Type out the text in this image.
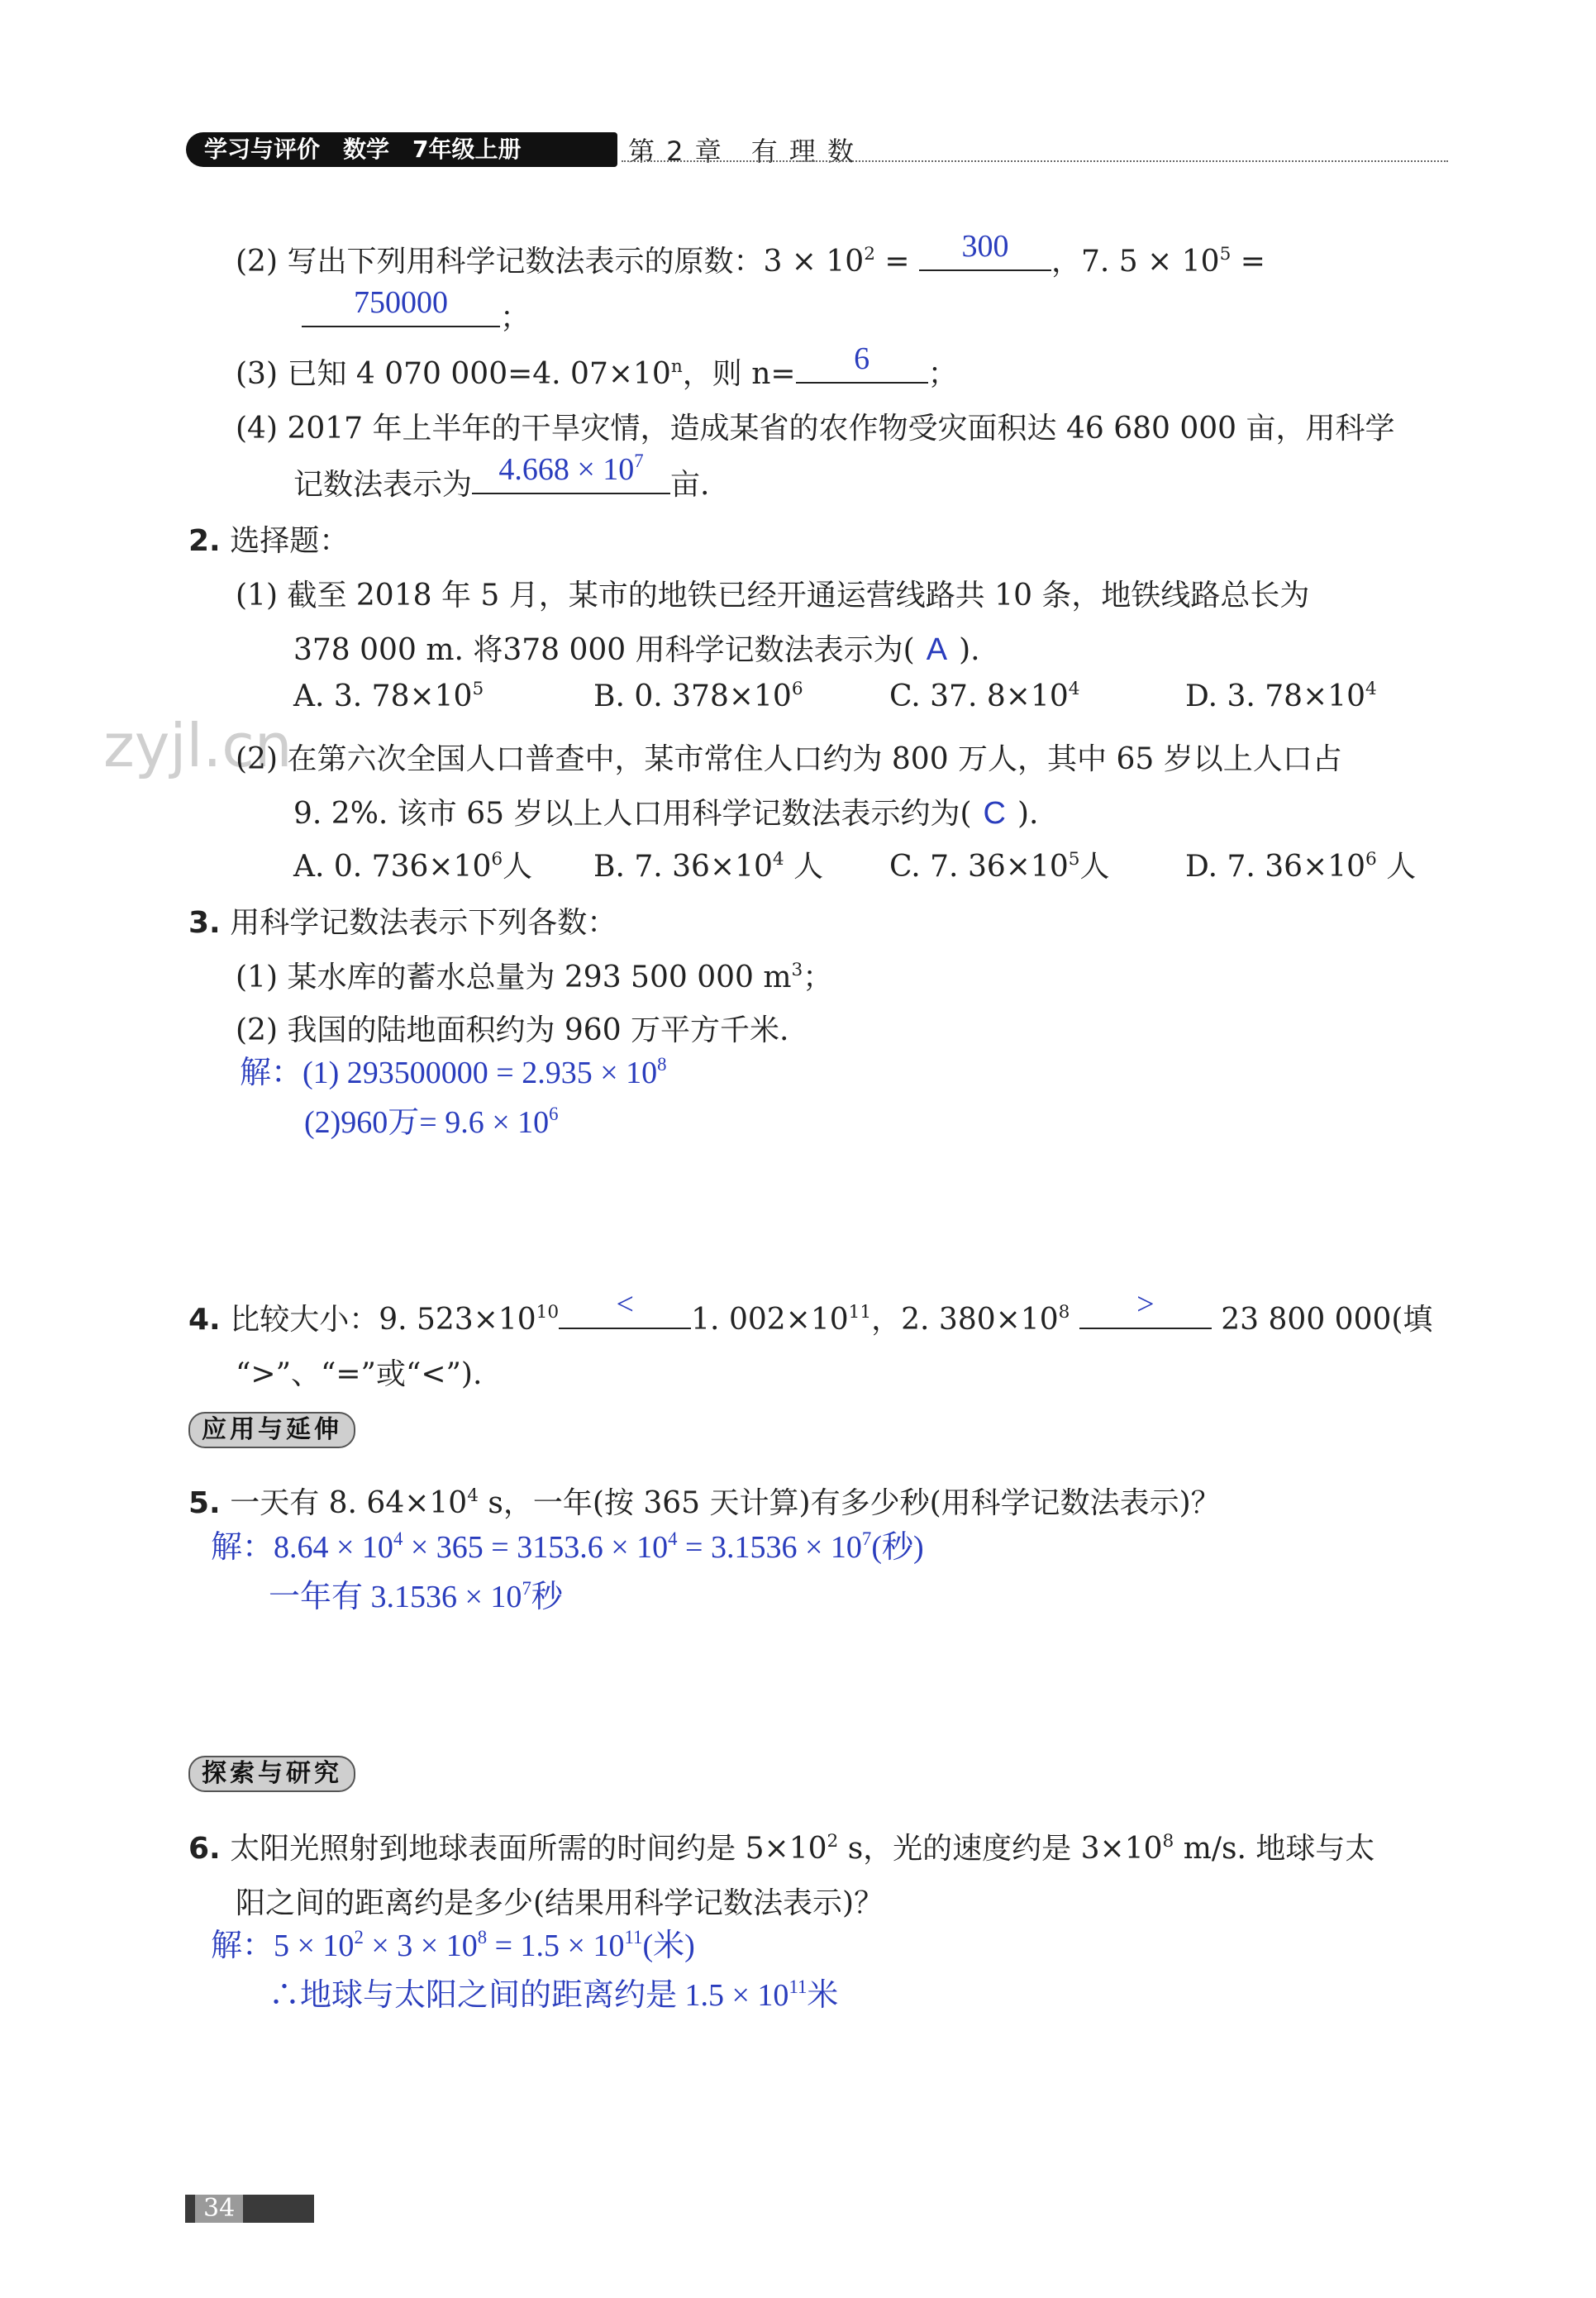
学习与评价　数学　7年级上册	第 2 章　有 理 数
zyjl.cn
(2) 写出下列用科学记数法表示的原数：$3 \times 10^2$ =	300	，7. $5 \times 10^5$ =
750000	；
(3) 已知 4 070 000=4. $07\times 10^n$，则 n=	6	；
(4) 2017 年上半年的干旱灾情，造成某省的农作物受灾面积达 46 680 000 亩，用科学
记数法表示为 $4.668 \times 10^7$
亩.
2. 选择题：
(1) 截至 2018 年 5 月，某市的地铁已经开通运营线路共 10 条，地铁线路总长为
378 000 m. 将378 000 用科学记数法表示为( A ).
A. 3. $78\times 10^5$	B. 0. $378\times 10^6$	C. 37. $8\times 10^4$	D. 3. $78\times 10^4$
(2) 在第六次全国人口普查中，某市常住人口约为 800 万人，其中 65 岁以上人口占
9. 2%. 该市 65 岁以上人口用科学记数法表示约为( C ).
A. 0. $736\times 10^6$人 B. 7. $36\times 10^4$ 人 C. 7. $36\times 10^5$人	D. 7. $36\times 10^6$ 人
3. 用科学记数法表示下列各数：
(1) 某水库的蓄水总量为 293 500 000 $m^3$；
(2) 我国的陆地面积约为 960 万平方千米.
解：(1) $293500000 = 2.935 \times 10^8$
(2)960万= $9.6 \times 10^6$
4. 比较大小：9. $523\times 10^{10}$	<	1. $002\times 10^{11}$，2. $380\times 10^8$	>	23 800 000(填
“>”、“=”或“<”).
应用与延伸
5. 一天有 8. $64\times 10^4$ s，一年(按 365 天计算)有多少秒(用科学记数法表示)？
解：$8.64 \times 10^4 \times 365 = 3153.6 \times 10^4 = 3.1536 \times 10^7$(秒)
一年有 $3.1536 \times 10^7$秒
探索与研究
6. 太阳光照射到地球表面所需的时间约是 $5\times 10^2$ s，光的速度约是 $3\times 10^8$ m/s. 地球与太
阳之间的距离约是多少(结果用科学记数法表示)？
解：$5 \times 10^2 \times 3 \times 10^8 = 1.5 \times 10^{11}$(米)
∴地球与太阳之间的距离约是 $1.5 \times 10^{11}$米
34
